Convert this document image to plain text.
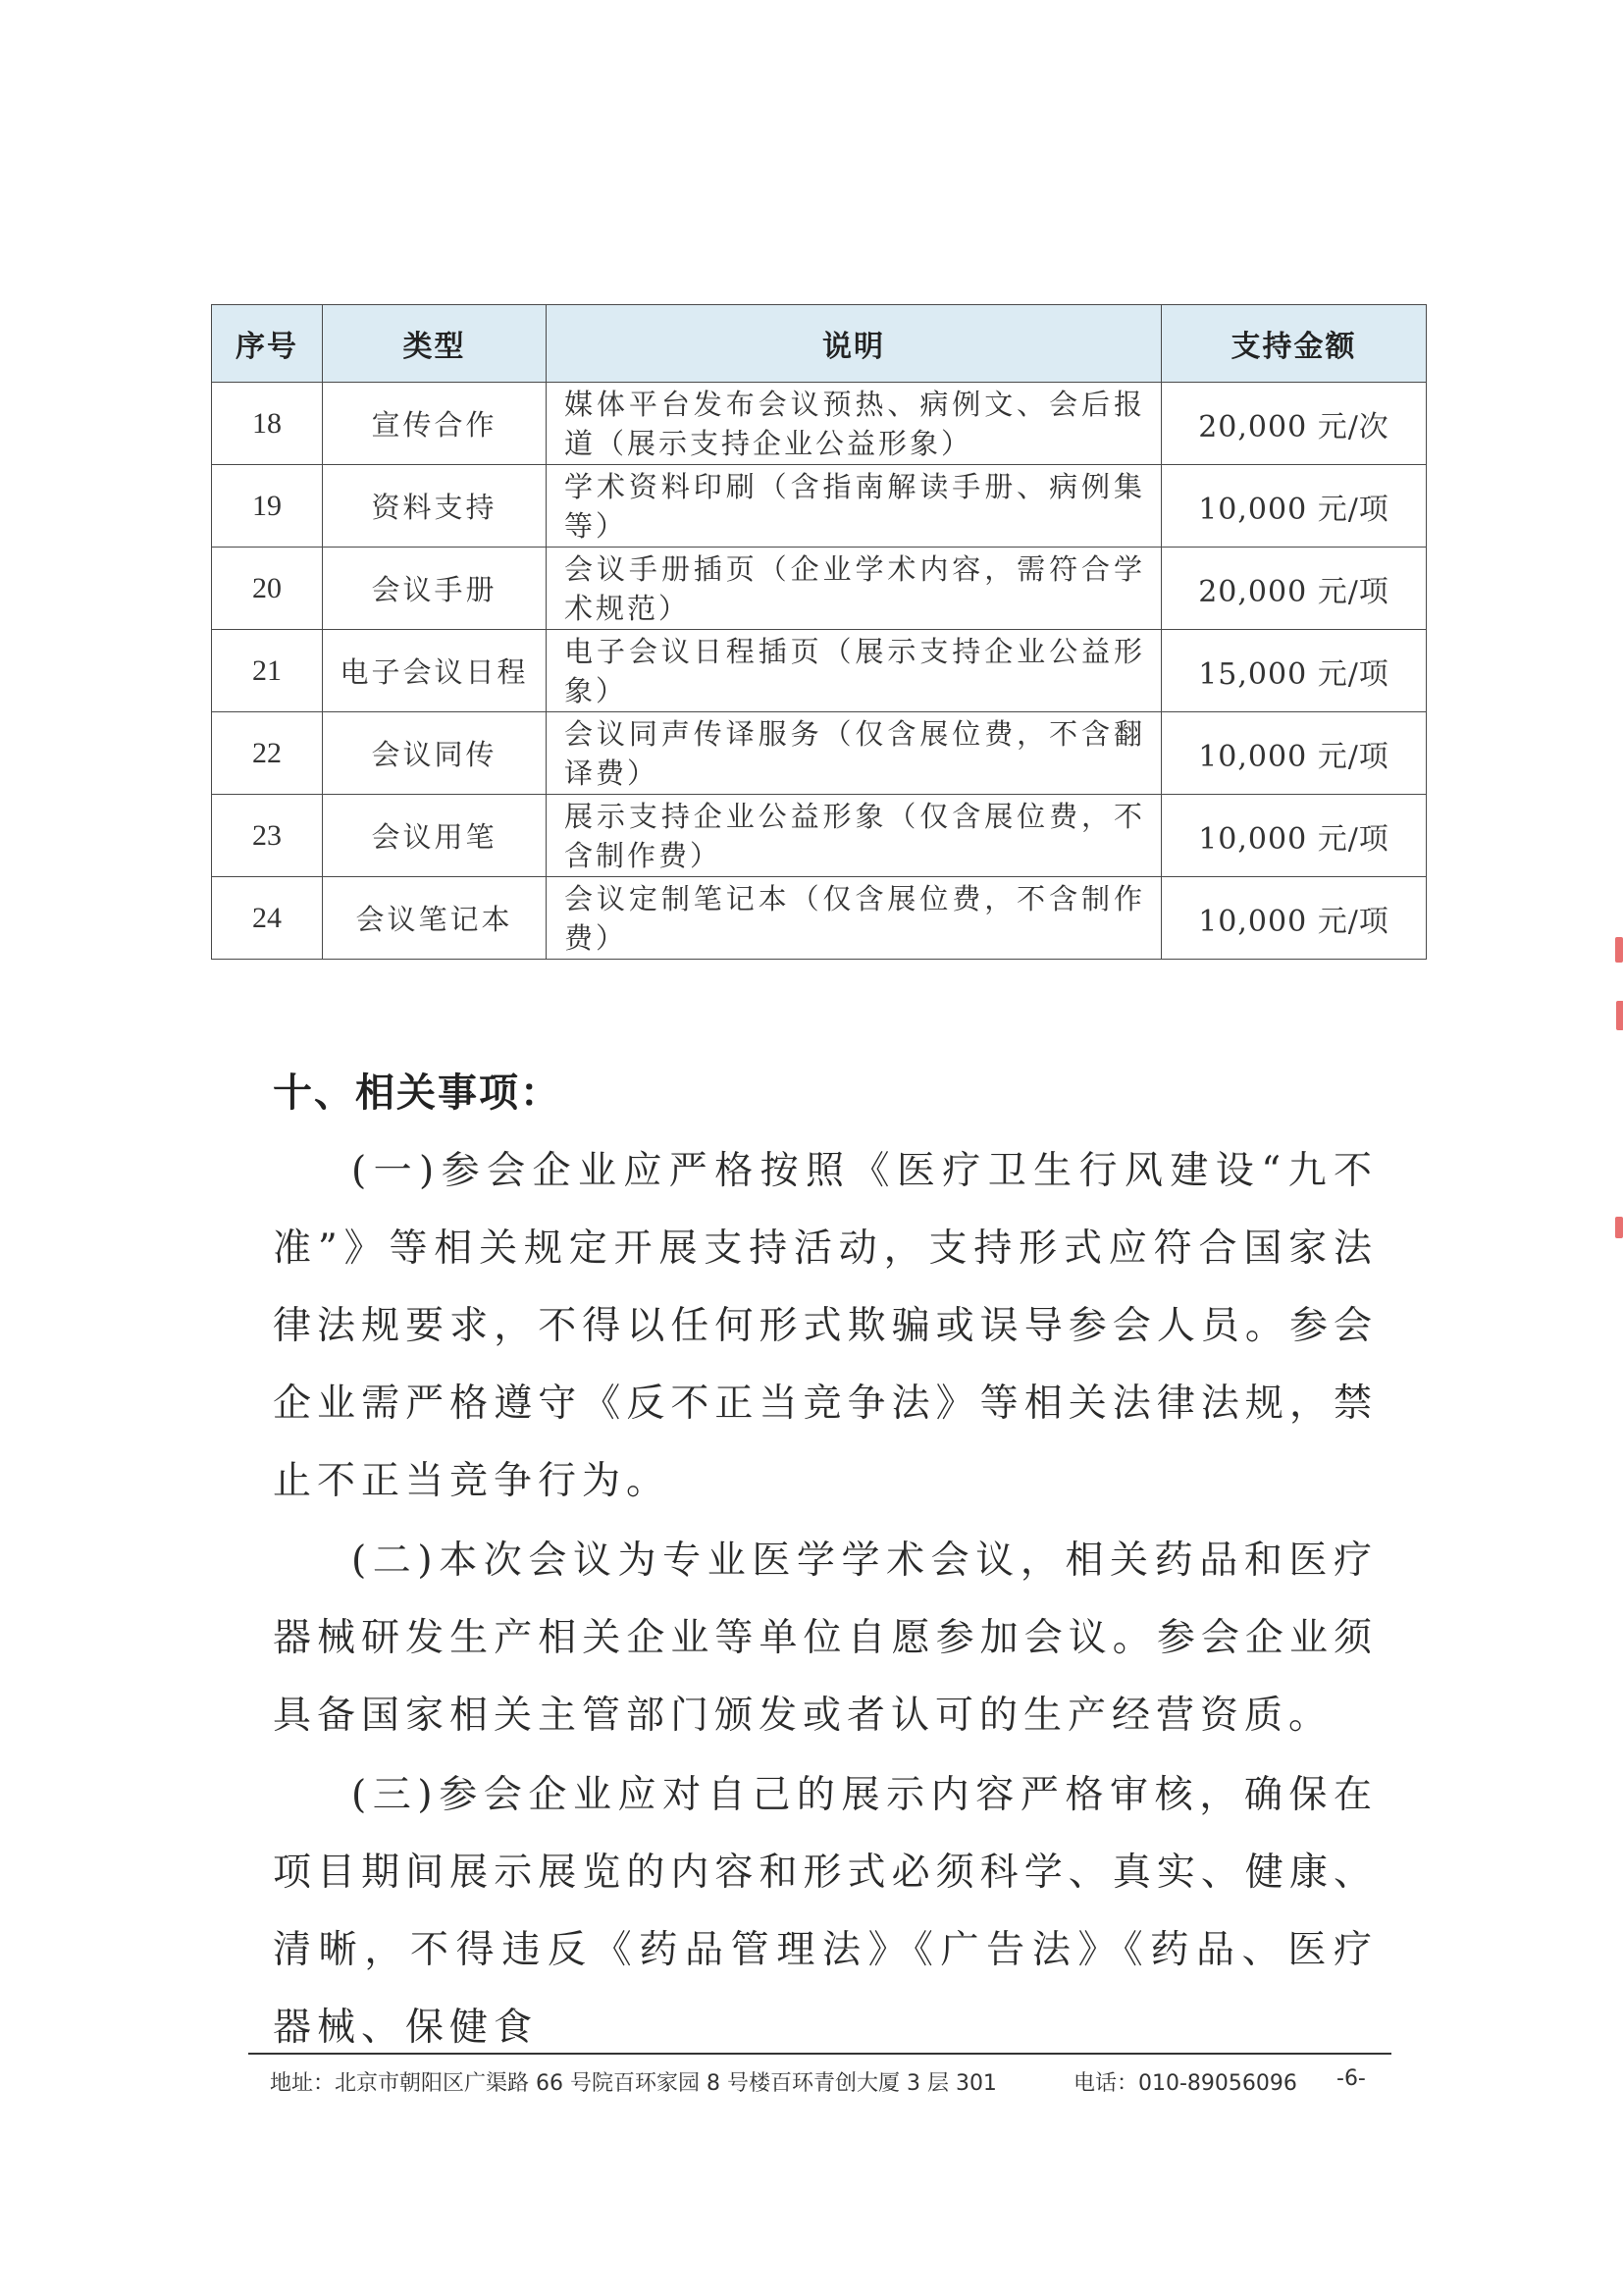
序号	类型	说明	支持金额
18	宣传合作	媒体平台发布会议预热、病例文、会后报道（展示支持企业公益形象）	20,000 元/次
19	资料支持	学术资料印刷（含指南解读手册、病例集等）	10,000 元/项
20	会议手册	会议手册插页（企业学术内容，需符合学术规范）	20,000 元/项
21	电子会议日程	电子会议日程插页（展示支持企业公益形象）	15,000 元/项
22	会议同传	会议同声传译服务（仅含展位费，不含翻译费）	10,000 元/项
23	会议用笔	展示支持企业公益形象（仅含展位费，不含制作费）	10,000 元/项
24	会议笔记本	会议定制笔记本（仅含展位费，不含制作费）	10,000 元/项
十、相关事项：

(一)参会企业应严格按照《医疗卫生行风建设“九不准”》等相关规定开展支持活动，支持形式应符合国家法律法规要求，不得以任何形式欺骗或误导参会人员。参会企业需严格遵守《反不正当竞争法》等相关法律法规，禁止不正当竞争行为。

(二)本次会议为专业医学学术会议，相关药品和医疗器械研发生产相关企业等单位自愿参加会议。参会企业须具备国家相关主管部门颁发或者认可的生产经营资质。

(三)参会企业应对自己的展示内容严格审核，确保在项目期间展示展览的内容和形式必须科学、真实、健康、清晰，不得违反《药品管理法》《广告法》《药品、医疗器械、保健食

地址：北京市朝阳区广渠路 66 号院百环家园 8 号楼百环青创大厦 3 层 301	电话：010-89056096 -6-
